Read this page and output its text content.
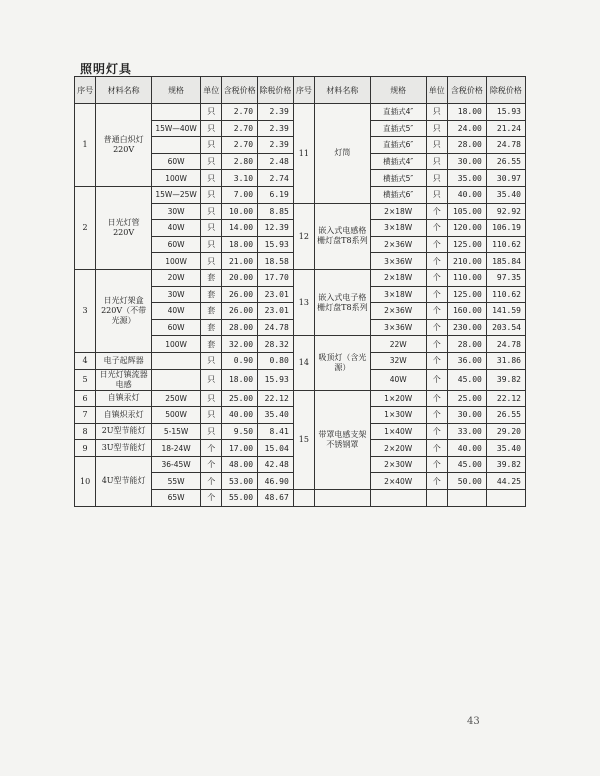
照明灯具
序号	材料名称	规格	单位	含税价格	除税价格	序号	材料名称	规格	单位	含税价格	除税价格
1	普通白炽灯220V		只	2.70	2.39	11	灯筒	直插式4″	只	18.00	15.93
		15W—40W	只	2.70	2.39			直插式5″	只	24.00	21.24
			只	2.70	2.39			直插式6″	只	28.00	24.78
		60W	只	2.80	2.48			横插式4″	只	30.00	26.55
		100W	只	3.10	2.74			横插式5″	只	35.00	30.97
2	日光灯管220V	15W—25W	只	7.00	6.19			横插式6″	只	40.00	35.40
		30W	只	10.00	8.85	12	嵌入式电感格栅灯盘T8系列	2×18W	个	105.00	92.92
		40W	只	14.00	12.39			3×18W	个	120.00	106.19
		60W	只	18.00	15.93			2×36W	个	125.00	110.62
		100W	只	21.00	18.58			3×36W	个	210.00	185.84
3	日光灯架盒220V（不带光源）	20W	套	20.00	17.70	13	嵌入式电子格栅灯盘T8系列	2×18W	个	110.00	97.35
		30W	套	26.00	23.01			3×18W	个	125.00	110.62
		40W	套	26.00	23.01			2×36W	个	160.00	141.59
		60W	套	28.00	24.78			3×36W	个	230.00	203.54
		100W	套	32.00	28.32	14	吸顶灯（含光源）	22W	个	28.00	24.78
4	电子起辉器		只	0.90	0.80			32W	个	36.00	31.86
5	日光灯镇流器电感		只	18.00	15.93			40W	个	45.00	39.82
6	自镇汞灯	250W	只	25.00	22.12	15	带罩电感支架不锈钢罩	1×20W	个	25.00	22.12
7	自镇炽汞灯	500W	只	40.00	35.40			1×30W	个	30.00	26.55
8	2U型节能灯	5-15W	只	9.50	8.41			1×40W	个	33.00	29.20
9	3U型节能灯	18-24W	个	17.00	15.04			2×20W	个	40.00	35.40
10	4U型节能灯	36-45W	个	48.00	42.48			2×30W	个	45.00	39.82
		55W	个	53.00	46.90			2×40W	个	50.00	44.25
		65W	个	55.00	48.67						
43
